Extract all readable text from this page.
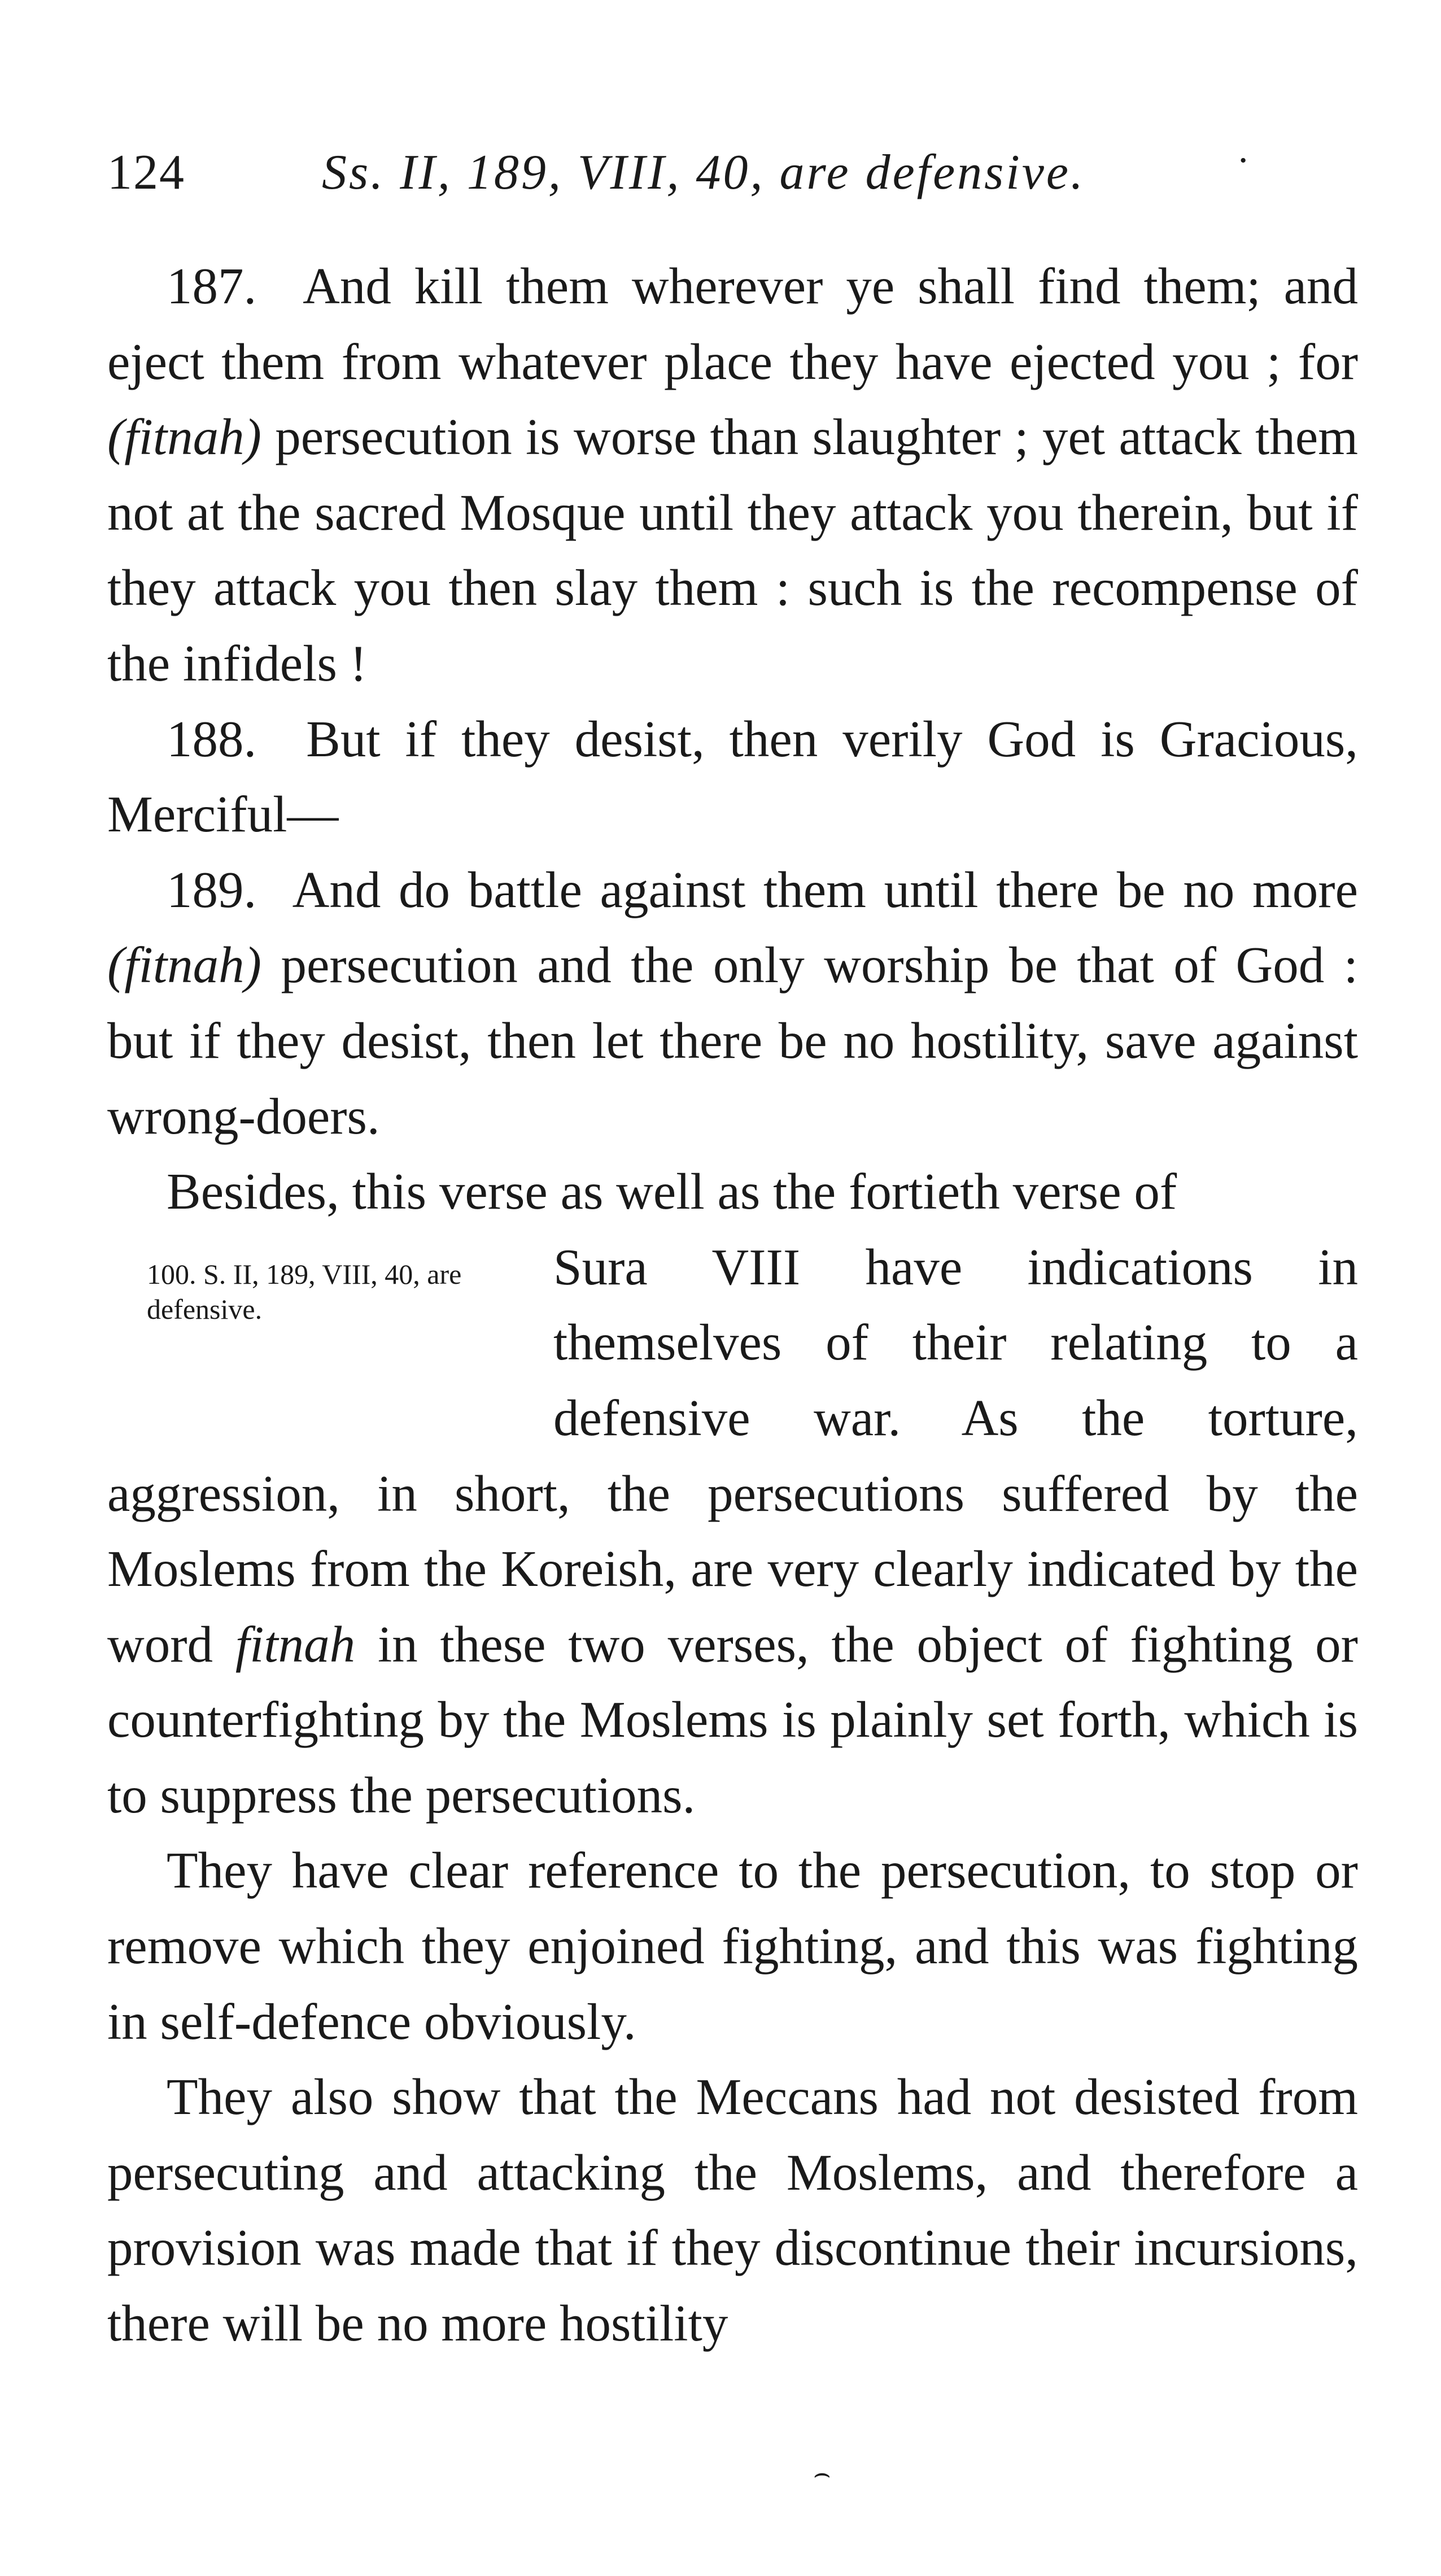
124	Ss. II, 189, VIII, 40, are defensive.	·

187. And kill them wherever ye shall find them; and eject them from whatever place they have ejected you ; for (fitnah) persecution is worse than slaughter ; yet attack them not at the sacred Mosque until they attack you therein, but if they attack you then slay them : such is the recompense of the infidels !

188. But if they desist, then verily God is Gracious, Merciful—

189. And do battle against them until there be no more (fitnah) persecution and the only worship be that of God : but if they desist, then let there be no hostility, save against wrong-doers.

Besides, this verse as well as the fortieth verse of

100. S. II, 189, VIII, 40, are defensive.

Sura VIII have indications in themselves of their relating to a defensive war. As the torture, aggression, in short, the persecutions suffered by the Moslems from the Koreish, are very clearly indicated by the word fitnah in these two verses, the object of fighting or counterfighting by the Moslems is plainly set forth, which is to suppress the persecutions.

They have clear reference to the persecution, to stop or remove which they enjoined fighting, and this was fighting in self-defence obviously.

They also show that the Meccans had not desisted from persecuting and attacking the Moslems, and therefore a provision was made that if they discontinue their incursions, there will be no more hostility

⌢
